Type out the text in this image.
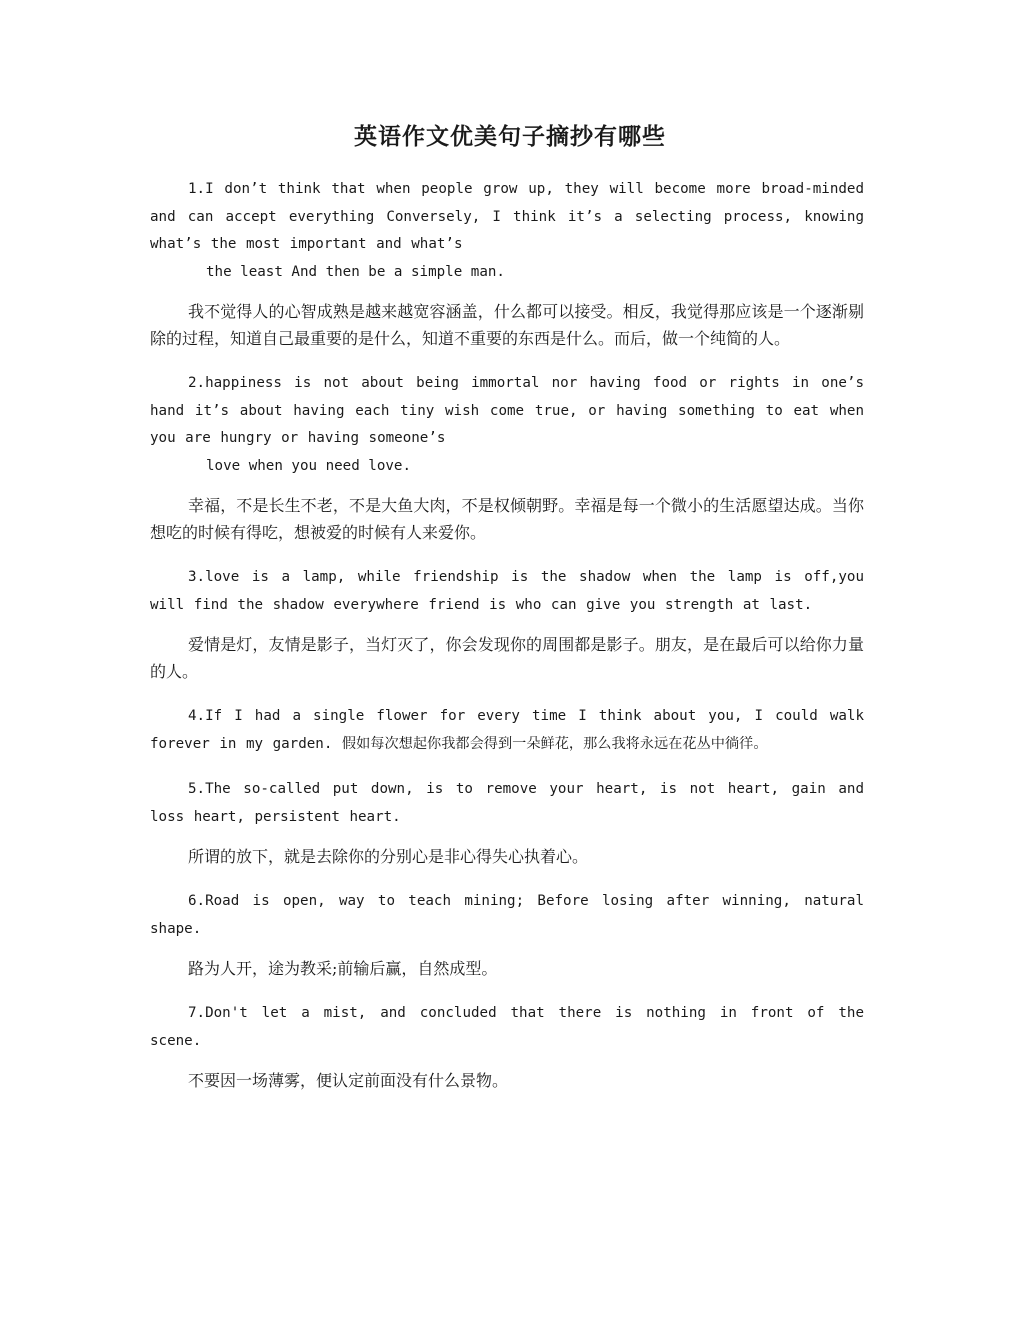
英语作文优美句子摘抄有哪些

1.I don’t think that when people grow up, they will become more broad-minded and can accept everything Conversely, I think it’s a selecting process, knowing what’s the most important and what’s

the least And then be a simple man.

我不觉得人的心智成熟是越来越宽容涵盖，什么都可以接受。相反，我觉得那应该是一个逐渐剔除的过程，知道自己最重要的是什么，知道不重要的东西是什么。而后，做一个纯简的人。

2.happiness is not about being immortal nor having food or rights in one’s hand it’s about having each tiny wish come true, or having something to eat when you are hungry or having someone’s

love when you need love.

幸福，不是长生不老，不是大鱼大肉，不是权倾朝野。幸福是每一个微小的生活愿望达成。当你想吃的时候有得吃，想被爱的时候有人来爱你。

3.love is a lamp, while friendship is the shadow when the lamp is off,you will find the shadow everywhere friend is who can give you strength at last.

爱情是灯，友情是影子，当灯灭了，你会发现你的周围都是影子。朋友，是在最后可以给你力量的人。

4.If I had a single flower for every time I think about you, I could walk forever in my garden. 假如每次想起你我都会得到一朵鲜花，那么我将永远在花丛中徜徉。

5.The so-called put down, is to remove your heart, is not heart, gain and loss heart, persistent heart.

所谓的放下，就是去除你的分别心是非心得失心执着心。

6.Road is open, way to teach mining; Before losing after winning, natural shape.

路为人开，途为教采;前输后赢，自然成型。

7.Don't let a mist, and concluded that there is nothing in front of the scene.

不要因一场薄雾，便认定前面没有什么景物。
